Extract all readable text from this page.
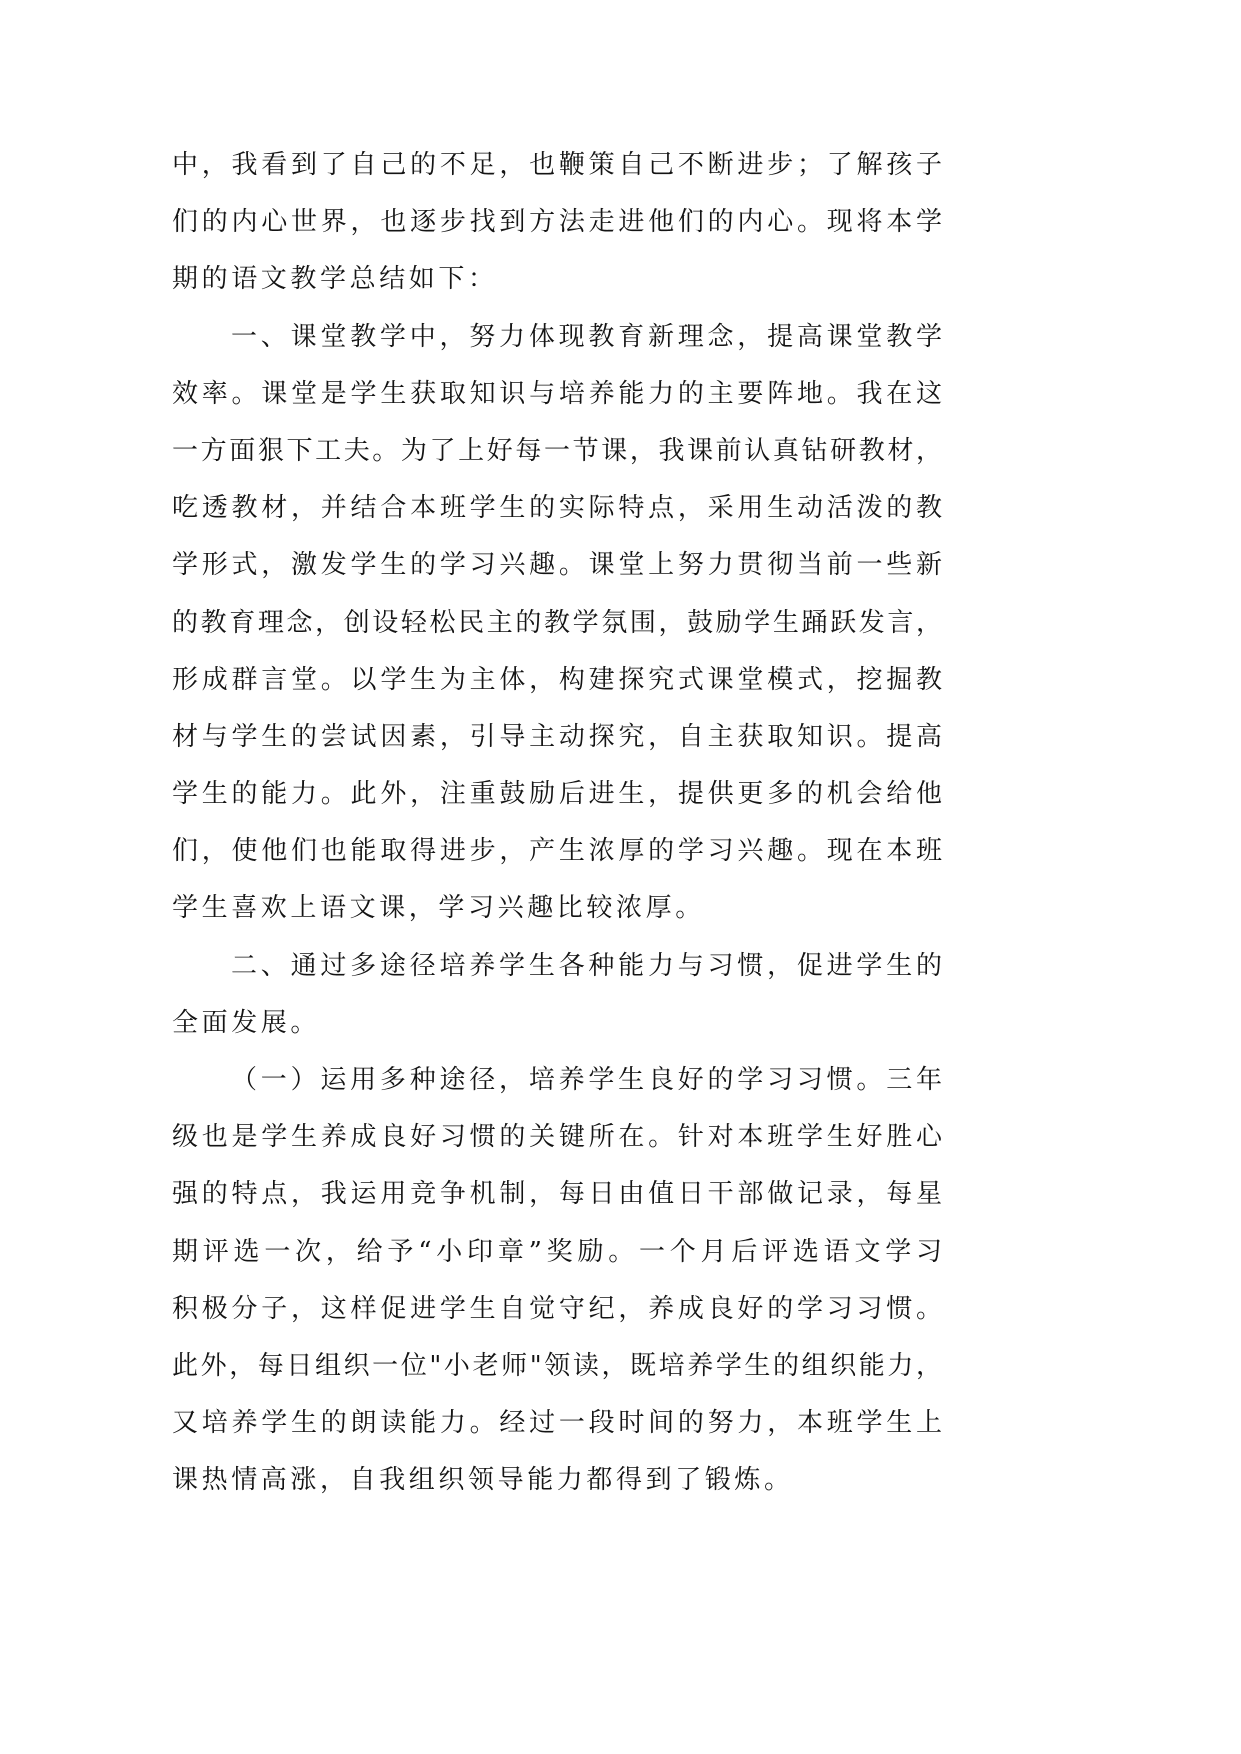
中，我看到了自己的不足，也鞭策自己不断进步；了解孩子
们的内心世界，也逐步找到方法走进他们的内心。现将本学
期的语文教学总结如下：
一、课堂教学中，努力体现教育新理念，提高课堂教学
效率。课堂是学生获取知识与培养能力的主要阵地。我在这
一方面狠下工夫。为了上好每一节课，我课前认真钻研教材，
吃透教材，并结合本班学生的实际特点，采用生动活泼的教
学形式，激发学生的学习兴趣。课堂上努力贯彻当前一些新
的教育理念，创设轻松民主的教学氛围，鼓励学生踊跃发言，
形成群言堂。以学生为主体，构建探究式课堂模式，挖掘教
材与学生的尝试因素，引导主动探究，自主获取知识。提高
学生的能力。此外，注重鼓励后进生，提供更多的机会给他
们，使他们也能取得进步，产生浓厚的学习兴趣。现在本班
学生喜欢上语文课，学习兴趣比较浓厚。
二、通过多途径培养学生各种能力与习惯，促进学生的
全面发展。
（一）运用多种途径，培养学生良好的学习习惯。三年
级也是学生养成良好习惯的关键所在。针对本班学生好胜心
强的特点，我运用竞争机制，每日由值日干部做记录，每星
期评选一次，给予“小印章”奖励。一个月后评选语文学习
积极分子，这样促进学生自觉守纪，养成良好的学习习惯。
此外，每日组织一位"小老师"领读，既培养学生的组织能力，
又培养学生的朗读能力。经过一段时间的努力，本班学生上
课热情高涨，自我组织领导能力都得到了锻炼。
